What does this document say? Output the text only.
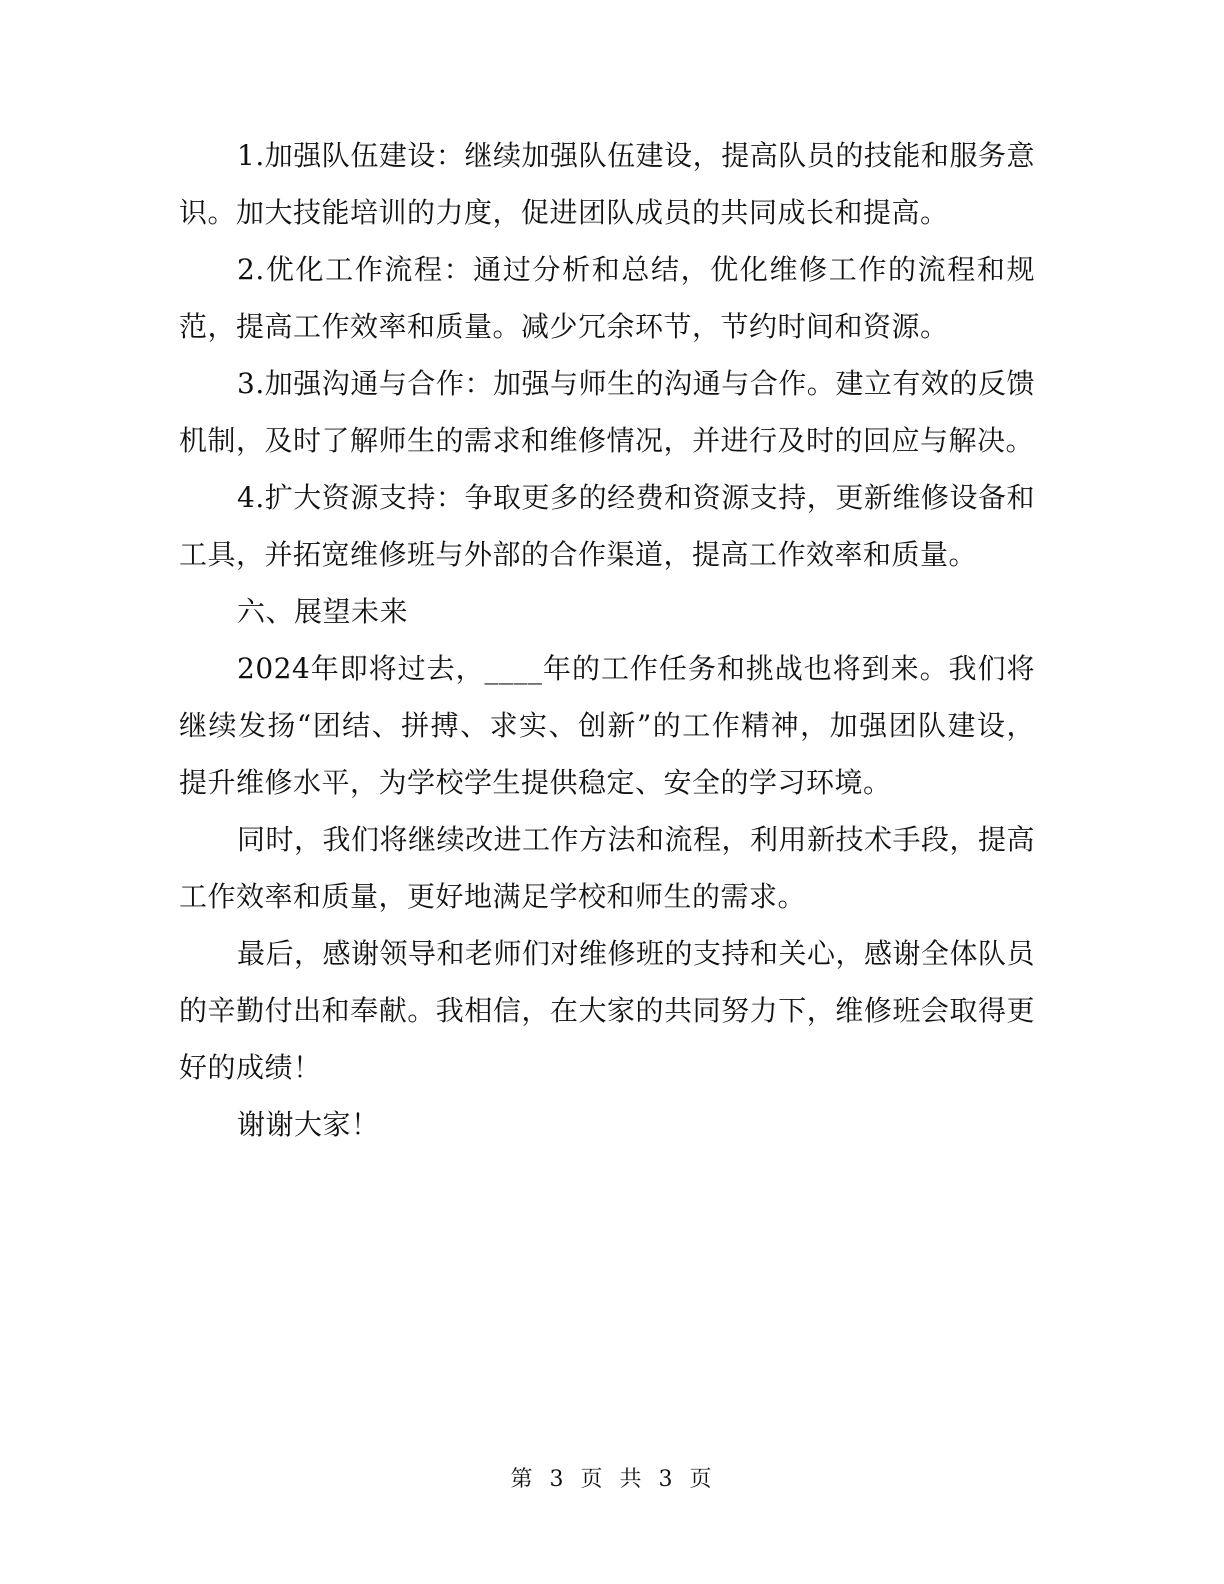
1.加强队伍建设：继续加强队伍建设，提高队员的技能和服务意识。加大技能培训的力度，促进团队成员的共同成长和提高。

2.优化工作流程：通过分析和总结，优化维修工作的流程和规范，提高工作效率和质量。减少冗余环节，节约时间和资源。

3.加强沟通与合作：加强与师生的沟通与合作。建立有效的反馈机制，及时了解师生的需求和维修情况，并进行及时的回应与解决。

4.扩大资源支持：争取更多的经费和资源支持，更新维修设备和工具，并拓宽维修班与外部的合作渠道，提高工作效率和质量。

六、展望未来

2024年即将过去，____年的工作任务和挑战也将到来。我们将继续发扬“团结、拼搏、求实、创新”的工作精神，加强团队建设，提升维修水平，为学校学生提供稳定、安全的学习环境。

同时，我们将继续改进工作方法和流程，利用新技术手段，提高工作效率和质量，更好地满足学校和师生的需求。

最后，感谢领导和老师们对维修班的支持和关心，感谢全体队员的辛勤付出和奉献。我相信，在大家的共同努力下，维修班会取得更好的成绩！

谢谢大家！

第 3 页 共 3 页
